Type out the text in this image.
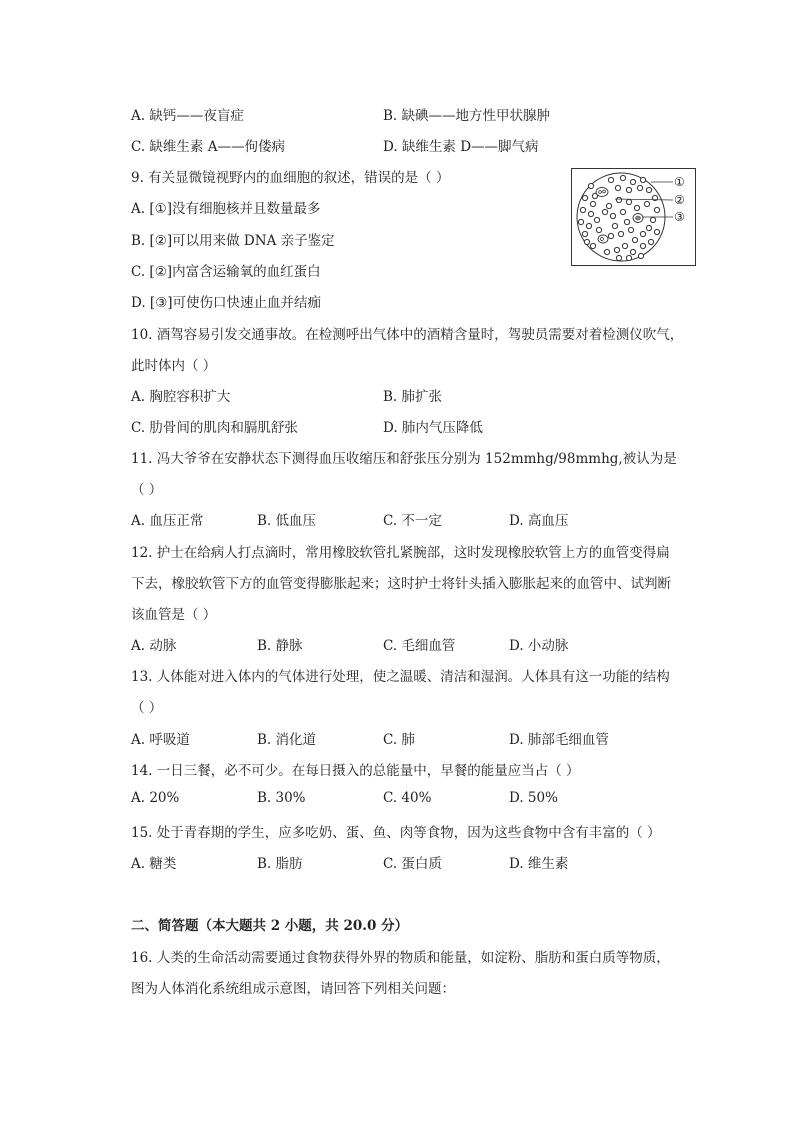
A. 缺钙——夜盲症	B. 缺碘——地方性甲状腺肿
C. 缺维生素 A——佝偻病	D. 缺维生素 D——脚气病
9. 有关显微镜视野内的血细胞的叙述，错误的是（ ）
A. [①]没有细胞核并且数量最多
B. [②]可以用来做 DNA 亲子鉴定
C. [②]内富含运输氧的血红蛋白
D. [③]可使伤口快速止血并结痂
①
②
③
10. 酒驾容易引发交通事故。在检测呼出气体中的酒精含量时，驾驶员需要对着检测仪吹气，
此时体内（ ）
A. 胸腔容积扩大	B. 肺扩张
C. 肋骨间的肌肉和膈肌舒张	D. 肺内气压降低
11. 冯大爷爷在安静状态下测得血压收缩压和舒张压分别为 152mmhg/98mmhg,被认为是
（ ）
A. 血压正常	B. 低血压	C. 不一定	D. 高血压
12. 护士在给病人打点滴时，常用橡胶软管扎紧腕部，这时发现橡胶软管上方的血管变得扁
下去，橡胶软管下方的血管变得膨胀起来；这时护士将针头插入膨胀起来的血管中、试判断
该血管是（ ）
A. 动脉	B. 静脉	C. 毛细血管	D. 小动脉
13. 人体能对进入体内的气体进行处理，使之温暖、清洁和湿润。人体具有这一功能的结构
（ ）
A. 呼吸道	B. 消化道	C. 肺	D. 肺部毛细血管
14. 一日三餐，必不可少。在每日摄入的总能量中，早餐的能量应当占（ ）
A. 20%	B. 30%	C. 40%	D. 50%
15. 处于青春期的学生，应多吃奶、蛋、鱼、肉等食物，因为这些食物中含有丰富的（ ）
A. 糖类	B. 脂肪	C. 蛋白质	D. 维生素
二、简答题（本大题共 2 小题，共 20.0 分）
16. 人类的生命活动需要通过食物获得外界的物质和能量，如淀粉、脂肪和蛋白质等物质，
图为人体消化系统组成示意图，请回答下列相关问题：
